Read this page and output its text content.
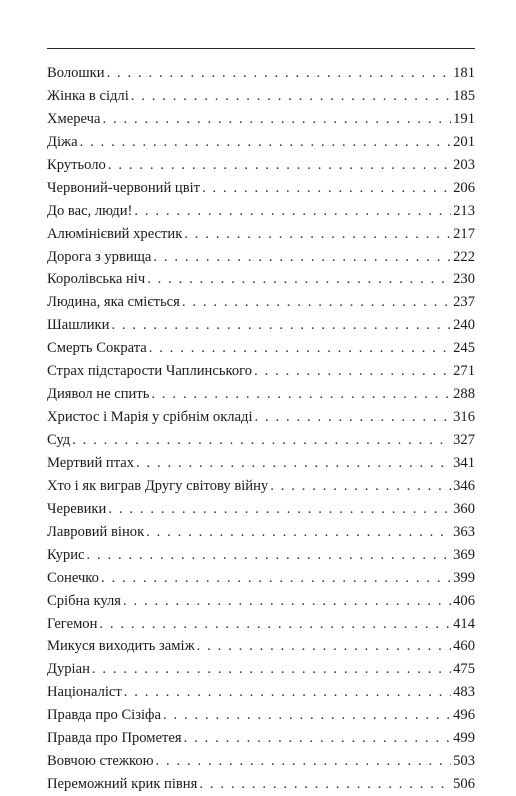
Волошки . . .	181
Жінка в сідлі . . .	185
Хмереча . . .	191
Діжа . . .	201
Крутьоло . . .	203
Червоний-червоний цвіт . . .	206
До вас, люди! . . .	213
Алюмінієвий хрестик . . .	217
Дорога з урвища . . .	222
Королівська ніч . . .	230
Людина, яка сміється . . .	237
Шашлики . . .	240
Смерть Сократа . . .	245
Страх підстарости Чаплинського . . .	271
Диявол не спить . . .	288
Христос і Марія у срібнім окладі . . .	316
Суд . . .	327
Мертвий птах . . .	341
Хто і як виграв Другу світову війну . . .	346
Черевики . . .	360
Лавровий вінок . . .	363
Курис . . .	369
Сонечко . . .	399
Срібна куля . . .	406
Гегемон . . .	414
Микуся виходить заміж . . .	460
Дуріан . . .	475
Націоналіст . . .	483
Правда про Сізіфа . . .	496
Правда про Прометея . . .	499
Вовчою стежкою . . .	503
Переможний крик півня . . .	506
